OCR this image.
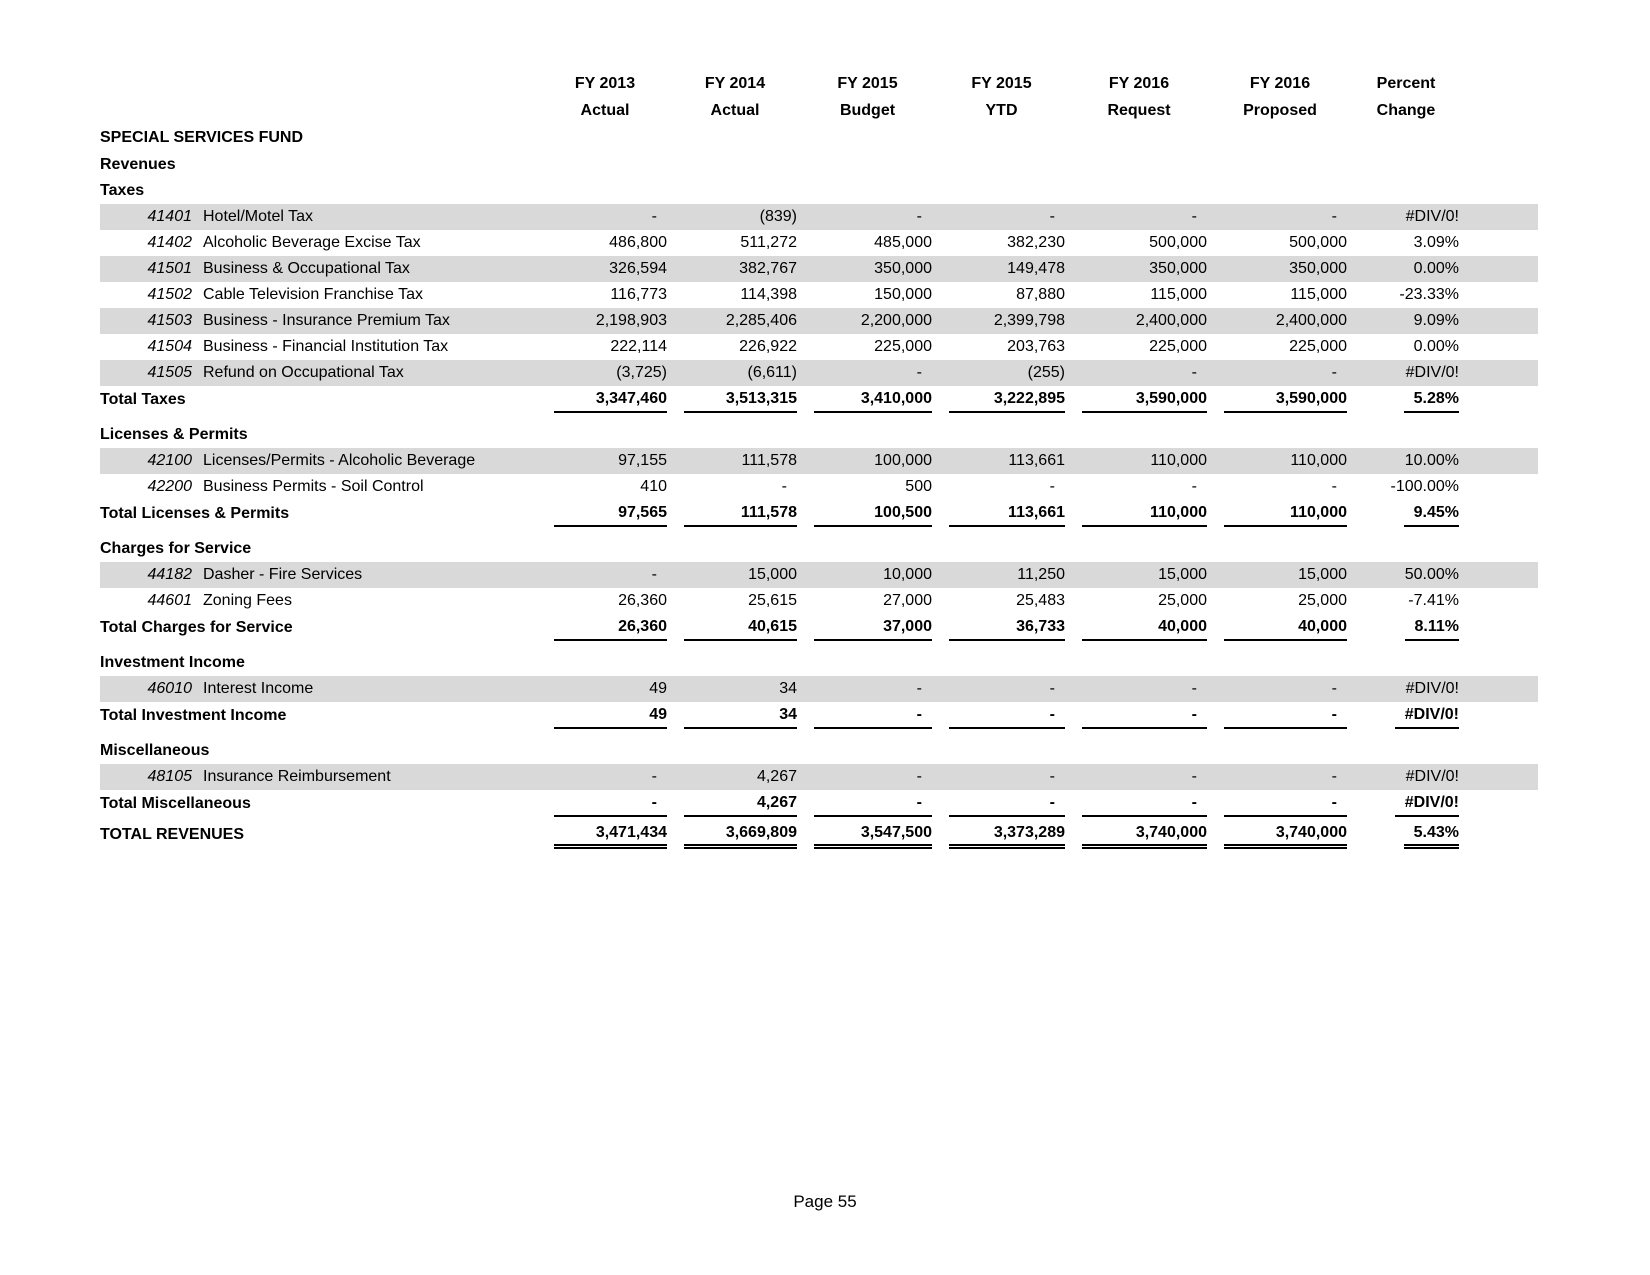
	FY 2013	FY 2014	FY 2015	FY 2015	FY 2016	FY 2016	Percent	
	Actual	Actual	Budget	YTD	Request	Proposed	Change	
SPECIAL SERVICES FUND								
Revenues								
Taxes								
41401 Hotel/Motel Tax	-	(839)	-	-	-	-	#DIV/0!	
41402 Alcoholic Beverage Excise Tax	486,800	511,272	485,000	382,230	500,000	500,000	3.09%	
41501 Business & Occupational Tax	326,594	382,767	350,000	149,478	350,000	350,000	0.00%	
41502 Cable Television Franchise Tax	116,773	114,398	150,000	87,880	115,000	115,000	-23.33%	
41503 Business - Insurance Premium Tax	2,198,903	2,285,406	2,200,000	2,399,798	2,400,000	2,400,000	9.09%	
41504 Business - Financial Institution Tax	222,114	226,922	225,000	203,763	225,000	225,000	0.00%	
41505 Refund on Occupational Tax	(3,725)	(6,611)	-	(255)	-	-	#DIV/0!	
Total Taxes	3,347,460	3,513,315	3,410,000	3,222,895	3,590,000	3,590,000	5.28%	
Licenses & Permits								
42100 Licenses/Permits - Alcoholic Beverage	97,155	111,578	100,000	113,661	110,000	110,000	10.00%	
42200 Business Permits - Soil Control	410	-	500	-	-	-	-100.00%	
Total Licenses & Permits	97,565	111,578	100,500	113,661	110,000	110,000	9.45%	
Charges for Service								
44182 Dasher - Fire Services	-	15,000	10,000	11,250	15,000	15,000	50.00%	
44601 Zoning Fees	26,360	25,615	27,000	25,483	25,000	25,000	-7.41%	
Total Charges for Service	26,360	40,615	37,000	36,733	40,000	40,000	8.11%	
Investment Income								
46010 Interest Income	49	34	-	-	-	-	#DIV/0!	
Total Investment Income	49	34	-	-	-	-	#DIV/0!	
Miscellaneous								
48105 Insurance Reimbursement	-	4,267	-	-	-	-	#DIV/0!	
Total Miscellaneous	-	4,267	-	-	-	-	#DIV/0!	
TOTAL REVENUES	3,471,434	3,669,809	3,547,500	3,373,289	3,740,000	3,740,000	5.43%	
Page 55
